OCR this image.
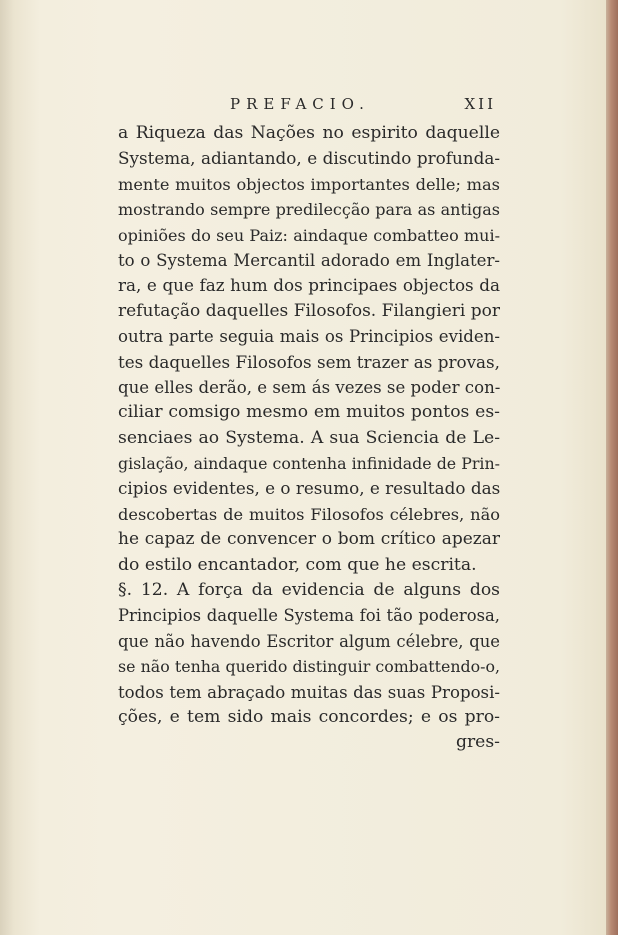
PREFACIO.	XII
a Riqueza das Nações no espirito daquelle
Systema, adiantando, e discutindo profunda-
mente muitos objectos importantes delle; mas
mostrando sempre predilecção para as antigas
opiniões do seu Paiz: aindaque combatteo mui-
to o Systema Mercantil adorado em Inglater-
ra, e que faz hum dos principaes objectos da
refutação daquelles Filosofos. Filangieri por
outra parte seguia mais os Principios eviden-
tes daquelles Filosofos sem trazer as provas,
que elles derão, e sem ás vezes se poder con-
ciliar comsigo mesmo em muitos pontos es-
senciaes ao Systema. A sua Sciencia de Le-
gislação, aindaque contenha infinidade de Prin-
cipios evidentes, e o resumo, e resultado das
descobertas de muitos Filosofos célebres, não
he capaz de convencer o bom crítico apezar
do estilo encantador, com que he escrita.
§. 12. A força da evidencia de alguns dos
Principios daquelle Systema foi tão poderosa,
que não havendo Escritor algum célebre, que
se não tenha querido distinguir combattendo-o,
todos tem abraçado muitas das suas Proposi-
ções, e tem sido mais concordes; e os pro-
gres-
